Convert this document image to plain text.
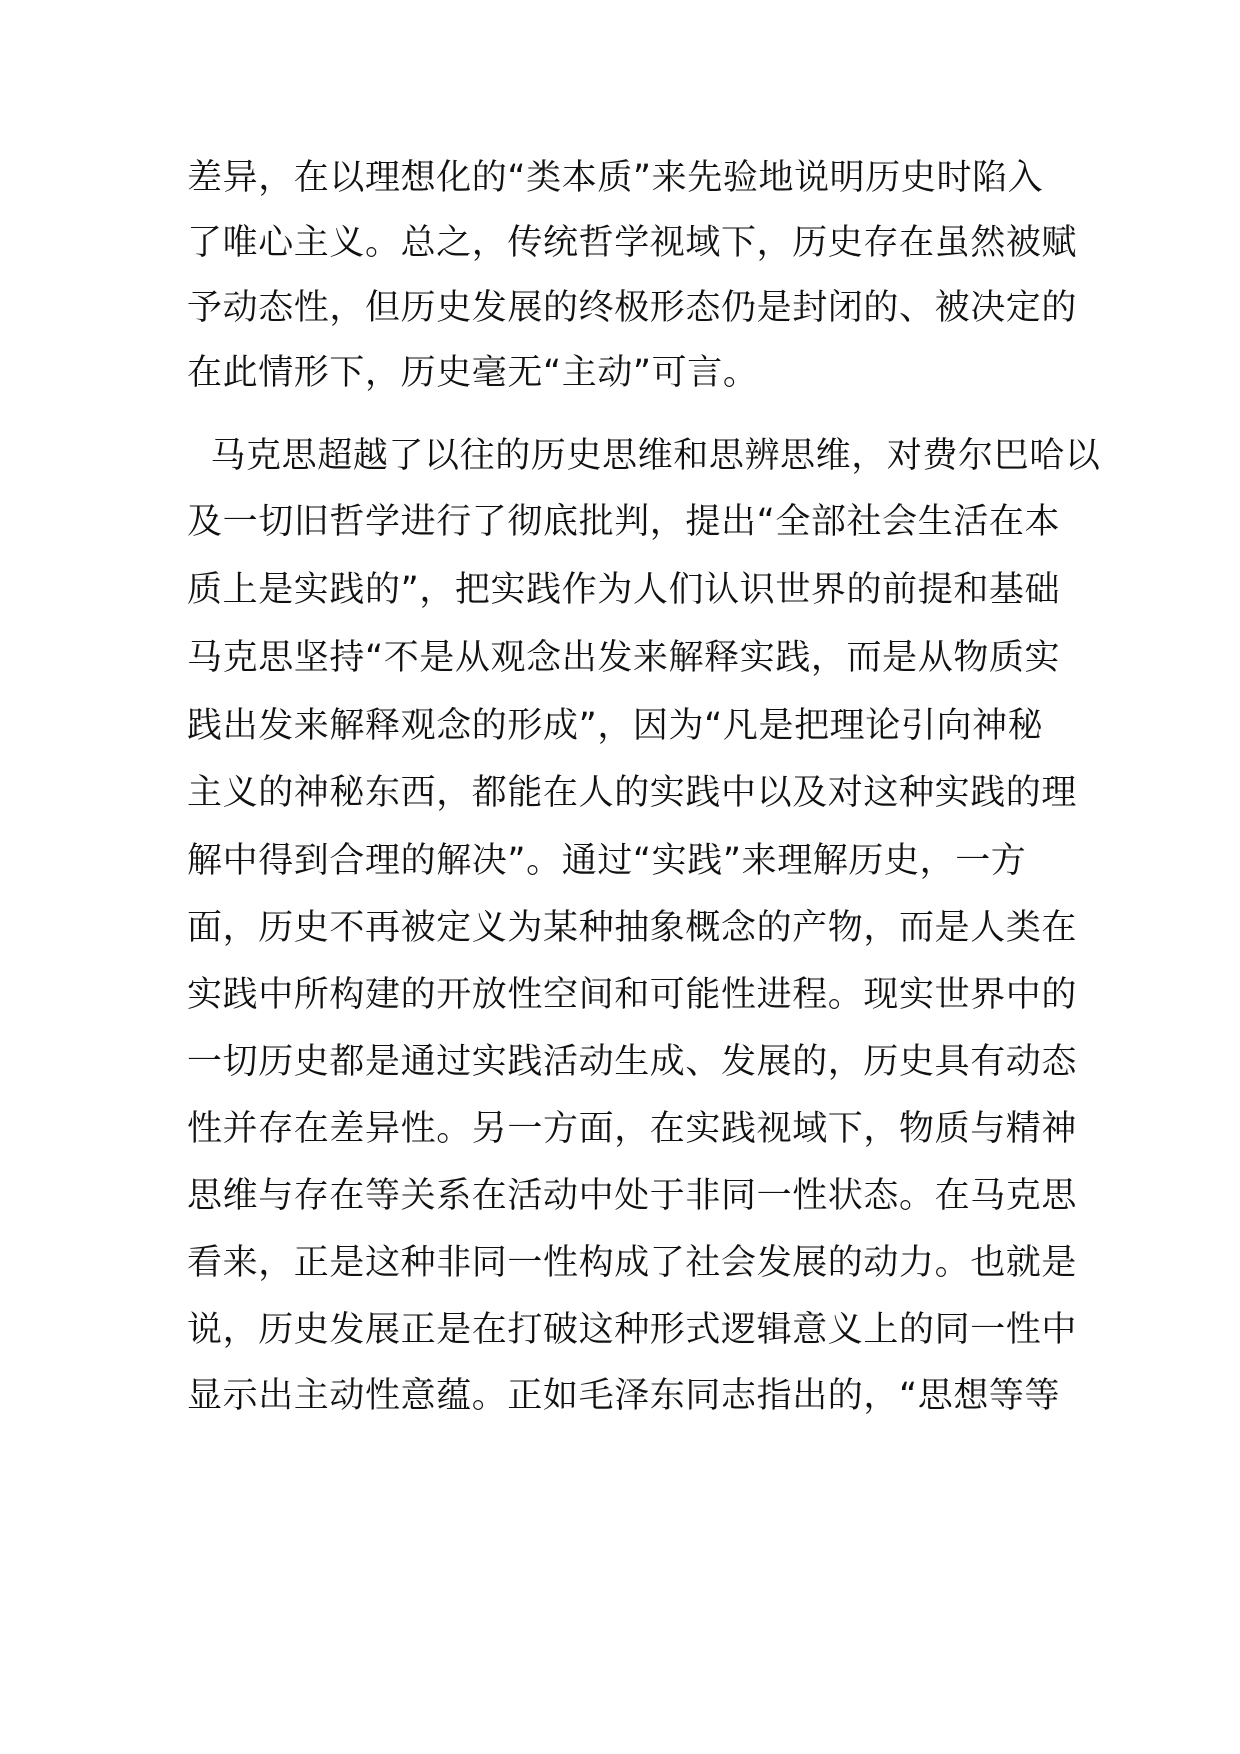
差异，在以理想化的“类本质”来先验地说明历史时陷入
了唯心主义。总之，传统哲学视域下，历史存在虽然被赋
予动态性，但历史发展的终极形态仍是封闭的、被决定的
在此情形下，历史毫无“主动”可言。
马克思超越了以往的历史思维和思辨思维，对费尔巴哈以
及一切旧哲学进行了彻底批判，提出“全部社会生活在本
质上是实践的”，把实践作为人们认识世界的前提和基础
马克思坚持“不是从观念出发来解释实践，而是从物质实
践出发来解释观念的形成”，因为“凡是把理论引向神秘
主义的神秘东西，都能在人的实践中以及对这种实践的理
解中得到合理的解决”。通过“实践”来理解历史，一方
面，历史不再被定义为某种抽象概念的产物，而是人类在
实践中所构建的开放性空间和可能性进程。现实世界中的
一切历史都是通过实践活动生成、发展的，历史具有动态
性并存在差异性。另一方面，在实践视域下，物质与精神
思维与存在等关系在活动中处于非同一性状态。在马克思
看来，正是这种非同一性构成了社会发展的动力。也就是
说，历史发展正是在打破这种形式逻辑意义上的同一性中
显示出主动性意蕴。正如毛泽东同志指出的，“思想等等
